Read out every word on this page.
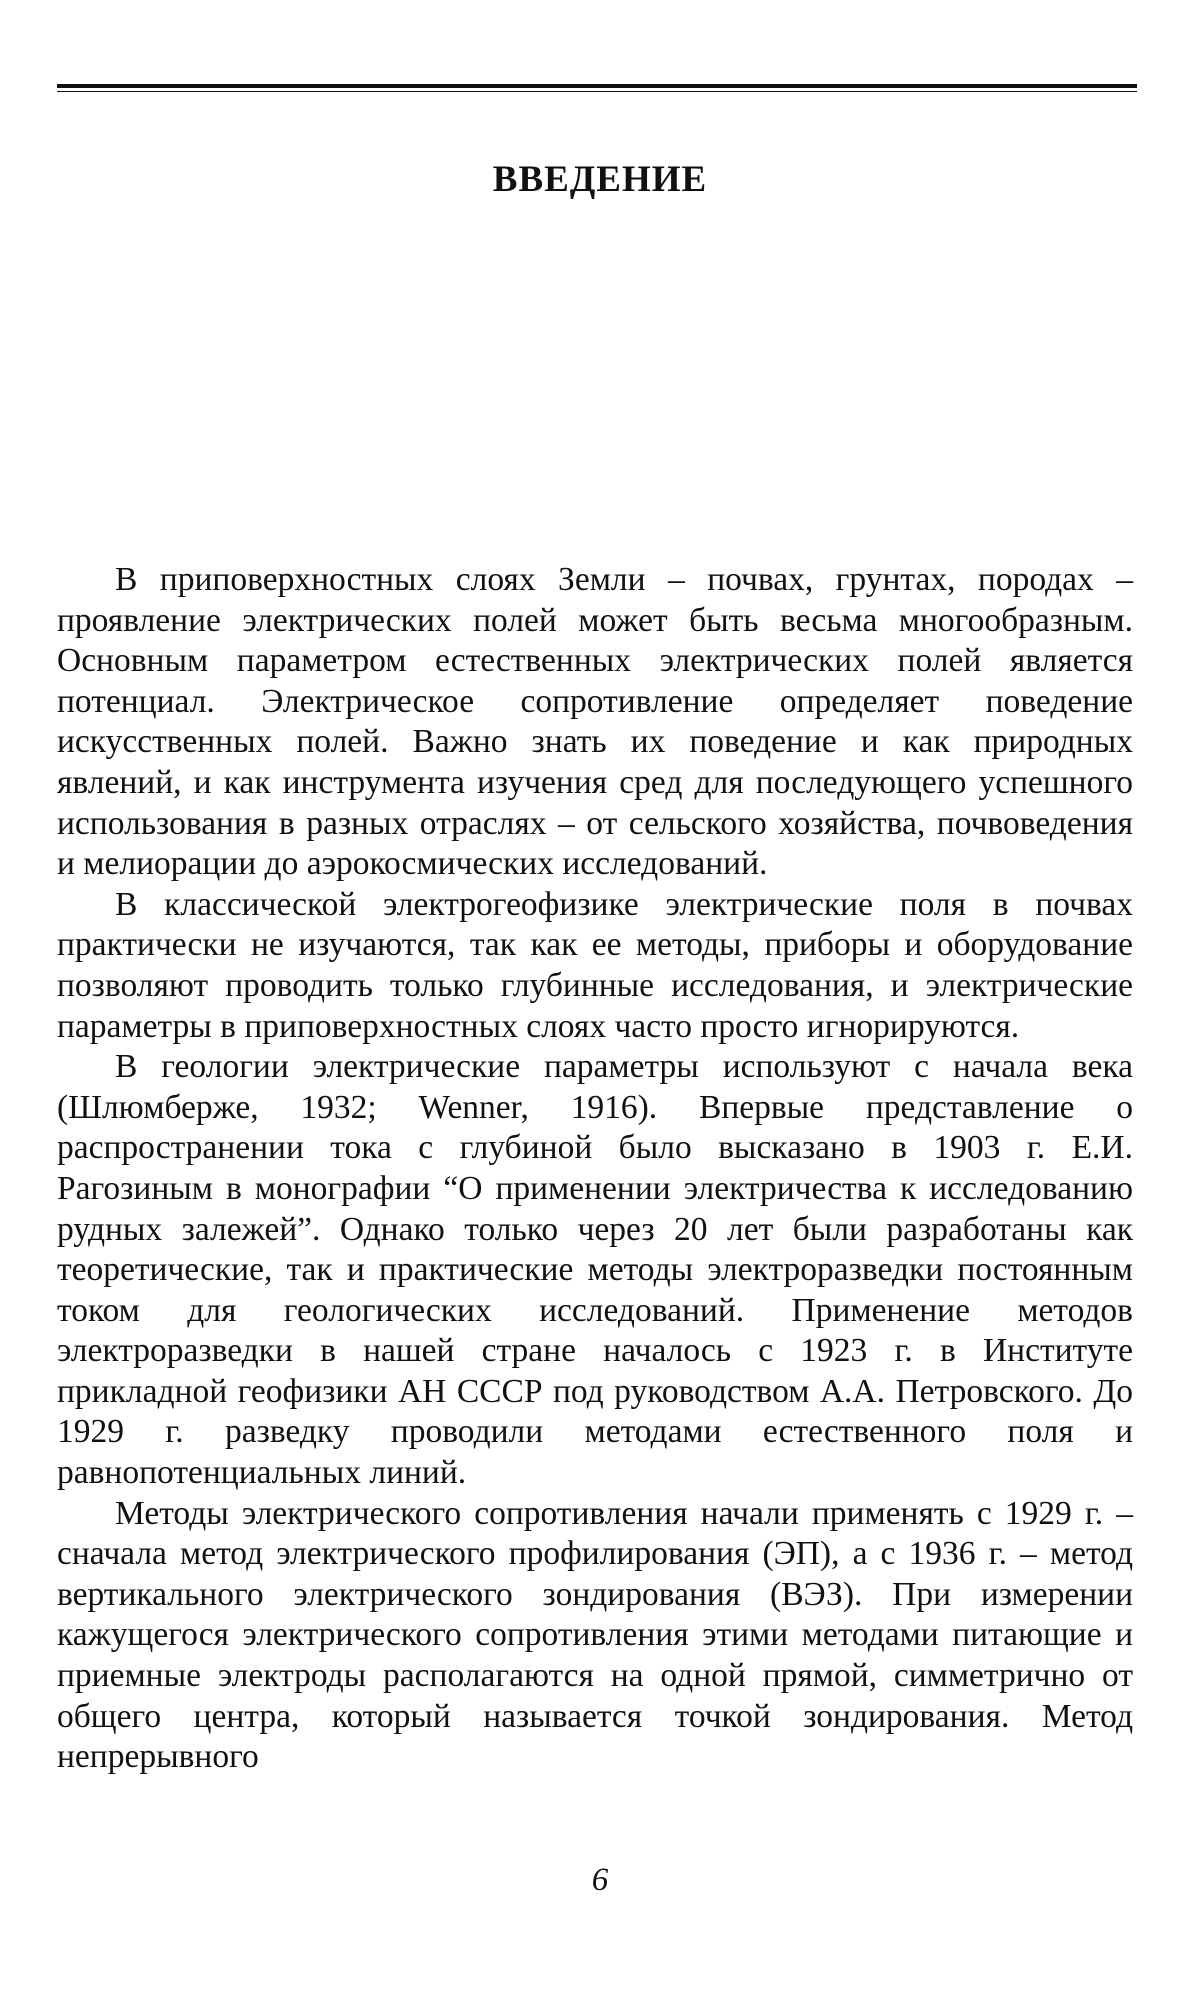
ВВЕДЕНИЕ

В приповерхностных слоях Земли – почвах, грунтах, породах – проявление электрических полей может быть весьма многообразным. Основным параметром естественных электрических полей является потенциал. Электрическое сопротивление определяет поведение искусственных полей. Важно знать их поведение и как природных явлений, и как инструмента изучения сред для последующего успешного использования в разных отраслях – от сельского хозяйства, почвоведения и мелиорации до аэрокосмических исследований.

В классической электрогеофизике электрические поля в почвах практически не изучаются, так как ее методы, приборы и оборудование позволяют проводить только глубинные исследования, и электрические параметры в приповерхностных слоях часто просто игнорируются.

В геологии электрические параметры используют с начала века (Шлюмберже, 1932; Wenner, 1916). Впервые представление о распространении тока с глубиной было высказано в 1903 г. Е.И. Рагозиным в монографии “О применении электричества к исследованию рудных залежей”. Однако только через 20 лет были разработаны как теоретические, так и практические методы электроразведки постоянным током для геологических исследований. Применение методов электроразведки в нашей стране началось с 1923 г. в Институте прикладной геофизики АН СССР под руководством А.А. Петровского. До 1929 г. разведку проводили методами естественного поля и равнопотенциальных линий.

Методы электрического сопротивления начали применять с 1929 г. – сначала метод электрического профилирования (ЭП), а с 1936 г. – метод вертикального электрического зондирования (ВЭЗ). При измерении кажущегося электрического сопротивления этими методами питающие и приемные электроды располагаются на одной прямой, симметрично от общего центра, который называется точкой зондирования. Метод непрерывного

6
